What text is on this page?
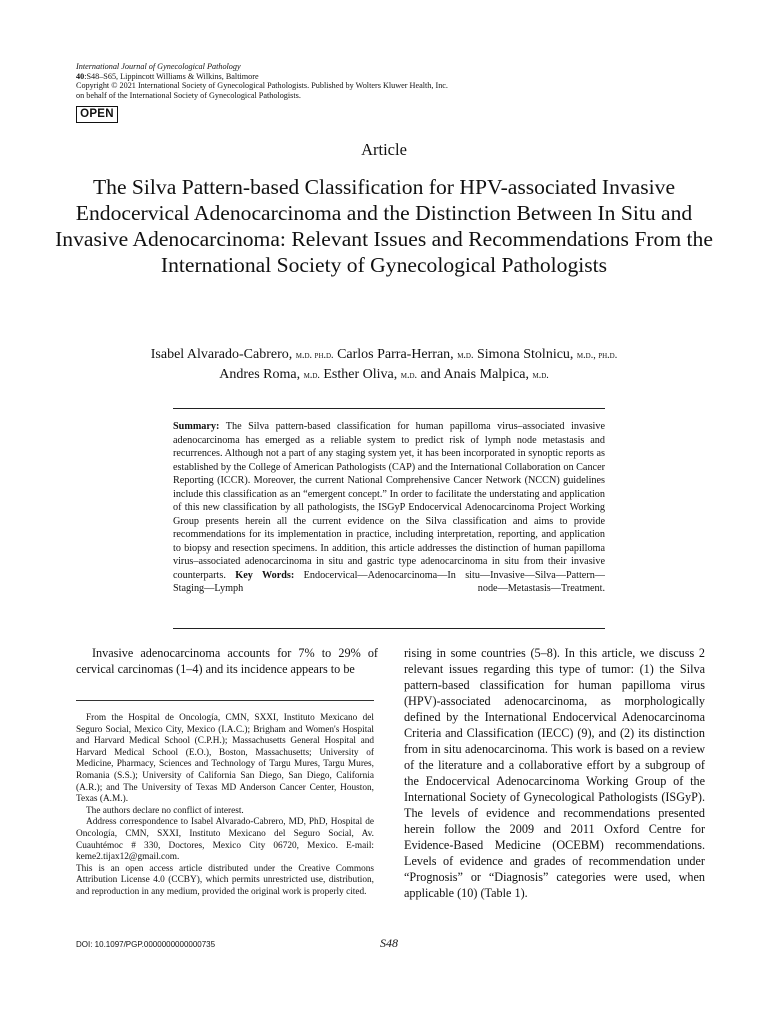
International Journal of Gynecological Pathology
40:S48–S65, Lippincott Williams & Wilkins, Baltimore
Copyright © 2021 International Society of Gynecological Pathologists. Published by Wolters Kluwer Health, Inc.
on behalf of the International Society of Gynecological Pathologists.
OPEN
Article
The Silva Pattern-based Classification for HPV-associated Invasive Endocervical Adenocarcinoma and the Distinction Between In Situ and Invasive Adenocarcinoma: Relevant Issues and Recommendations From the International Society of Gynecological Pathologists
Isabel Alvarado-Cabrero, m.d. ph.d. Carlos Parra-Herran, m.d. Simona Stolnicu, m.d., ph.d.
Andres Roma, m.d. Esther Oliva, m.d. and Anais Malpica, m.d.

Summary: The Silva pattern-based classification for human papilloma virus–associated invasive adenocarcinoma has emerged as a reliable system to predict risk of lymph node metastasis and recurrences. Although not a part of any staging system yet, it has been incorporated in synoptic reports as established by the College of American Pathologists (CAP) and the International Collaboration on Cancer Reporting (ICCR). Moreover, the current National Comprehensive Cancer Network (NCCN) guidelines include this classification as an “emergent concept.” In order to facilitate the understating and application of this new classification by all pathologists, the ISGyP Endocervical Adenocarcinoma Project Working Group presents herein all the current evidence on the Silva classification and aims to provide recommendations for its implementation in practice, including interpretation, reporting, and application to biopsy and resection specimens. In addition, this article addresses the distinction of human papilloma virus–associated adenocarcinoma in situ and gastric type adenocarcinoma in situ from their invasive counterparts. Key Words: Endocervical—Adenocarcinoma—In situ—Invasive—Silva—Pattern—Staging—Lymph node—Metastasis—Treatment.

Invasive adenocarcinoma accounts for 7% to 29% of cervical carcinomas (1–4) and its incidence appears to be

From the Hospital de Oncología, CMN, SXXI, Instituto Mexicano del Seguro Social, Mexico City, Mexico (I.A.C.); Brigham and Women's Hospital and Harvard Medical School (C.P.H.); Massachusetts General Hospital and Harvard Medical School (E.O.), Boston, Massachusetts; University of Medicine, Pharmacy, Sciences and Technology of Targu Mures, Targu Mures, Romania (S.S.); University of California San Diego, San Diego, California (A.R.); and The University of Texas MD Anderson Cancer Center, Houston, Texas (A.M.).

The authors declare no conflict of interest.

Address correspondence to Isabel Alvarado-Cabrero, MD, PhD, Hospital de Oncología, CMN, SXXI, Instituto Mexicano del Seguro Social, Av. Cuauhtémoc # 330, Doctores, Mexico City 06720, Mexico. E-mail: keme2.tijax12@gmail.com.

This is an open access article distributed under the Creative Commons Attribution License 4.0 (CCBY), which permits unrestricted use, distribution, and reproduction in any medium, provided the original work is properly cited.

rising in some countries (5–8). In this article, we discuss 2 relevant issues regarding this type of tumor: (1) the Silva pattern-based classification for human papilloma virus (HPV)-associated adenocarcinoma, as morphologically defined by the International Endocervical Adenocarcinoma Criteria and Classification (IECC) (9), and (2) its distinction from in situ adenocarcinoma. This work is based on a review of the literature and a collaborative effort by a subgroup of the Endocervical Adenocarcinoma Working Group of the International Society of Gynecological Pathologists (ISGyP). The levels of evidence and recommendations presented herein follow the 2009 and 2011 Oxford Centre for Evidence-Based Medicine (OCEBM) recommendations. Levels of evidence and grades of recommendation under “Prognosis” or “Diagnosis” categories were used, when applicable (10) (Table 1).

DOI: 10.1097/PGP.0000000000000735	S48
